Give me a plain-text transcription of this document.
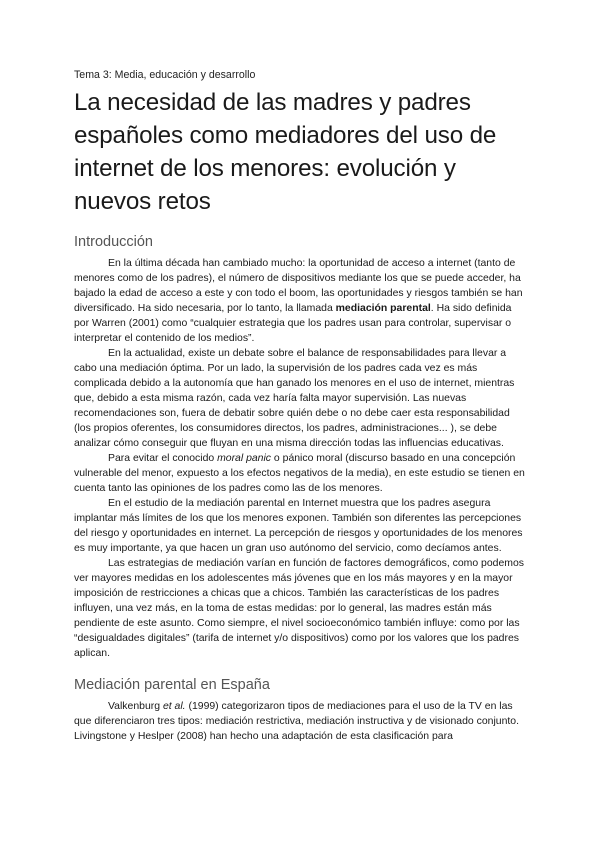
Tema 3: Media, educación y desarrollo
La necesidad de las madres y padres españoles como mediadores del uso de internet de los menores: evolución y nuevos retos
Introducción

En la última década han cambiado mucho: la oportunidad de acceso a internet (tanto de menores como de los padres), el número de dispositivos mediante los que se puede acceder, ha bajado la edad de acceso a este y con todo el boom, las oportunidades y riesgos también se han diversificado. Ha sido necesaria, por lo tanto, la llamada mediación parental. Ha sido definida por Warren (2001) como “cualquier estrategia que los padres usan para controlar, supervisar o interpretar el contenido de los medios”.

En la actualidad, existe un debate sobre el balance de responsabilidades para llevar a cabo una mediación óptima. Por un lado, la supervisión de los padres cada vez es más complicada debido a la autonomía que han ganado los menores en el uso de internet, mientras que, debido a esta misma razón, cada vez haría falta mayor supervisión. Las nuevas recomendaciones son, fuera de debatir sobre quién debe o no debe caer esta responsabilidad (los propios oferentes, los consumidores directos, los padres, administraciones... ), se debe analizar cómo conseguir que fluyan en una misma dirección todas las influencias educativas.

Para evitar el conocido moral panic o pánico moral (discurso basado en una concepción vulnerable del menor, expuesto a los efectos negativos de la media), en este estudio se tienen en cuenta tanto las opiniones de los padres como las de los menores.

En el estudio de la mediación parental en Internet muestra que los padres asegura implantar más límites de los que los menores exponen. También son diferentes las percepciones del riesgo y oportunidades en internet. La percepción de riesgos y oportunidades de los menores es muy importante, ya que hacen un gran uso autónomo del servicio, como decíamos antes.

Las estrategias de mediación varían en función de factores demográficos, como podemos ver mayores medidas en los adolescentes más jóvenes que en los más mayores y en la mayor imposición de restricciones a chicas que a chicos. También las características de los padres influyen, una vez más, en la toma de estas medidas: por lo general, las madres están más pendiente de este asunto. Como siempre, el nivel socioeconómico también influye: como por las “desigualdades digitales” (tarifa de internet y/o dispositivos) como por los valores que los padres aplican.

Mediación parental en España

Valkenburg et al. (1999) categorizaron tipos de mediaciones para el uso de la TV en las que diferenciaron tres tipos: mediación restrictiva, mediación instructiva y de visionado conjunto. Livingstone y Heslper (2008) han hecho una adaptación de esta clasificación para
